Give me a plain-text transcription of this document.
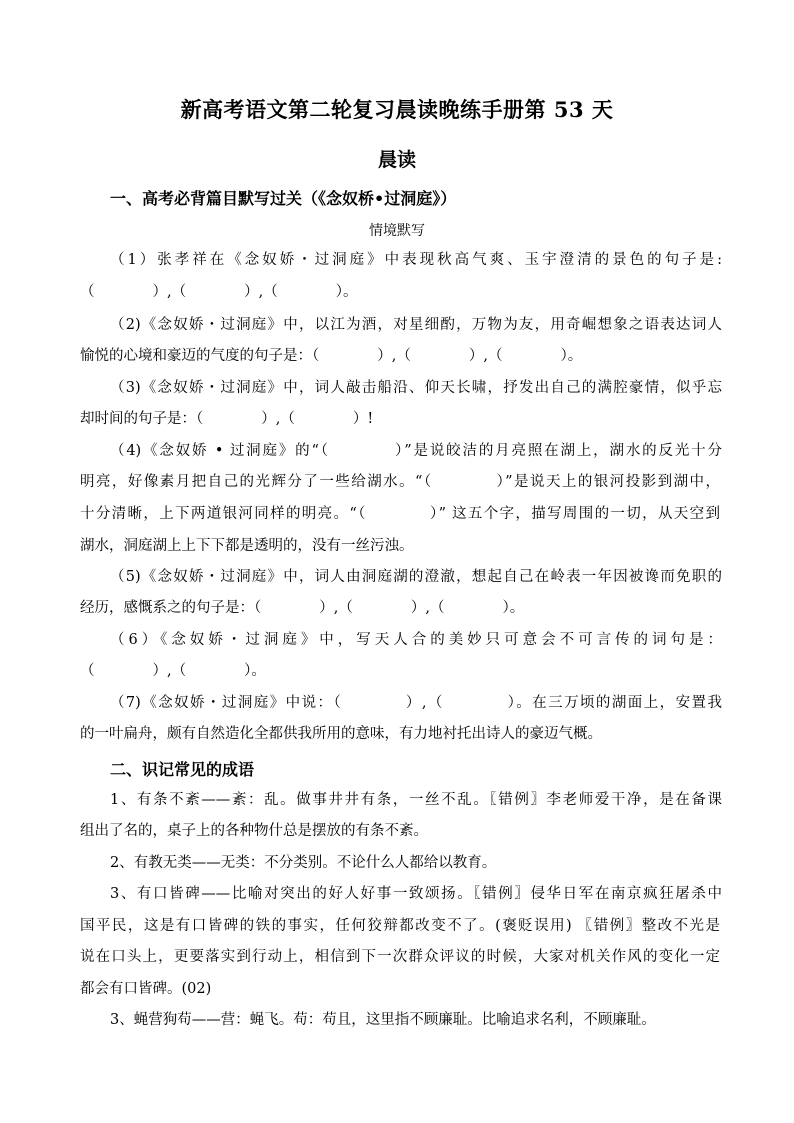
新高考语文第二轮复习晨读晚练手册第 53 天
晨读
一、高考必背篇目默写过关（《念奴桥•过洞庭》）
情境默写
（1）张孝祥在《念奴娇・过洞庭》中表现秋高气爽、玉宇澄清的景色的句子是:
（　　　　）,（　　　　）,（　　　　）。
（2)《念奴娇・过洞庭》中，以江为酒，对星细酌，万物为友，用奇崛想象之语表达词人
愉悦的心境和豪迈的气度的句子是：（　　　　）,（　　　　）,（　　　　）。
（3)《念奴娇・过洞庭》中，词人敲击船沿、仰天长啸，抒发出自己的满腔豪情，似乎忘
却时间的句子是：（　　　　）,（　　　　）!
（4)《念奴娇 • 过洞庭》的“（　　　　）”是说皎洁的月亮照在湖上，湖水的反光十分
明亮，好像素月把自己的光辉分了一些给湖水。“（　　　　）”是说天上的银河投影到湖中，
十分清晰，上下两道银河同样的明亮。“（　　　　）” 这五个字，描写周围的一切，从天空到
湖水，洞庭湖上上下下都是透明的，没有一丝污浊。
（5)《念奴娇・过洞庭》中，词人由洞庭湖的澄澈，想起自己在岭表一年因被谗而免职的
经历，感慨系之的句子是：（　　　　）,（　　　　）,（　　　　）。
（6）《念奴娇・过洞庭》中，写天人合的美妙只可意会不可言传的词句是：
（　　　　）,（　　　　）。
（7)《念奴娇・过洞庭》中说：（　　　　）,（　　　　）。在三万顷的湖面上，安置我
的一叶扁舟，颇有自然造化全都供我所用的意味，有力地衬托出诗人的豪迈气概。
二、识记常见的成语
1、有条不紊——紊：乱。做事井井有条，一丝不乱。〖错例〗李老师爱干净，是在备课
组出了名的，桌子上的各种物什总是摆放的有条不紊。
2、有教无类——无类：不分类别。不论什么人都给以教育。
3、有口皆碑——比喻对突出的好人好事一致颂扬。〖错例〗侵华日军在南京疯狂屠杀中
国平民，这是有口皆碑的铁的事实，任何狡辩都改变不了。(褒贬误用) 〖错例〗整改不光是
说在口头上，更要落实到行动上，相信到下一次群众评议的时候，大家对机关作风的变化一定
都会有口皆碑。(02)
3、蝇营狗苟——营：蝇飞。苟：苟且，这里指不顾廉耻。比喻追求名利，不顾廉耻。
